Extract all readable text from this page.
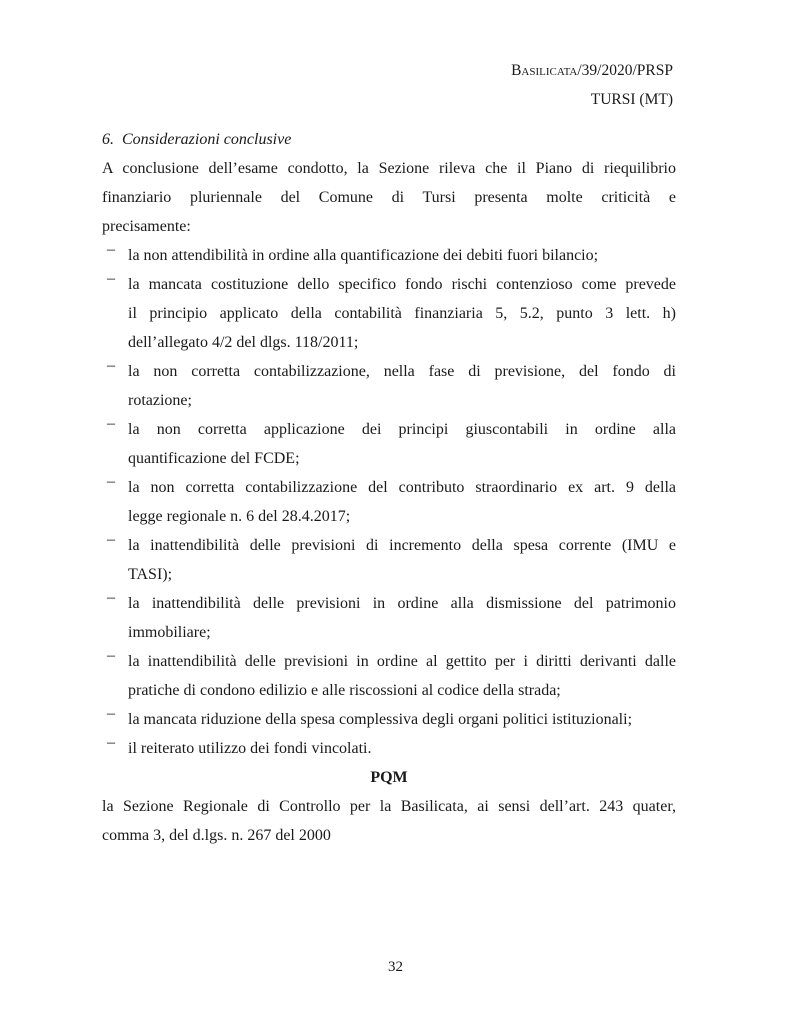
Basilicata/39/2020/PRSP
TURSI (MT)
6. Considerazioni conclusive
A conclusione dell’esame condotto, la Sezione rileva che il Piano di riequilibrio
finanziario pluriennale del Comune di Tursi presenta molte criticità e
precisamente:
– la non attendibilità in ordine alla quantificazione dei debiti fuori bilancio;
– la mancata costituzione dello specifico fondo rischi contenzioso come prevede
il principio applicato della contabilità finanziaria 5, 5.2, punto 3 lett. h)
dell’allegato 4/2 del dlgs. 118/2011;
– la non corretta contabilizzazione, nella fase di previsione, del fondo di
rotazione;
– la non corretta applicazione dei principi giuscontabili in ordine alla
quantificazione del FCDE;
– la non corretta contabilizzazione del contributo straordinario ex art. 9 della
legge regionale n. 6 del 28.4.2017;
– la inattendibilità delle previsioni di incremento della spesa corrente (IMU e
TASI);
– la inattendibilità delle previsioni in ordine alla dismissione del patrimonio
immobiliare;
– la inattendibilità delle previsioni in ordine al gettito per i diritti derivanti dalle
pratiche di condono edilizio e alle riscossioni al codice della strada;
– la mancata riduzione della spesa complessiva degli organi politici istituzionali;
– il reiterato utilizzo dei fondi vincolati.
PQM
la Sezione Regionale di Controllo per la Basilicata, ai sensi dell’art. 243 quater,
comma 3, del d.lgs. n. 267 del 2000
32
